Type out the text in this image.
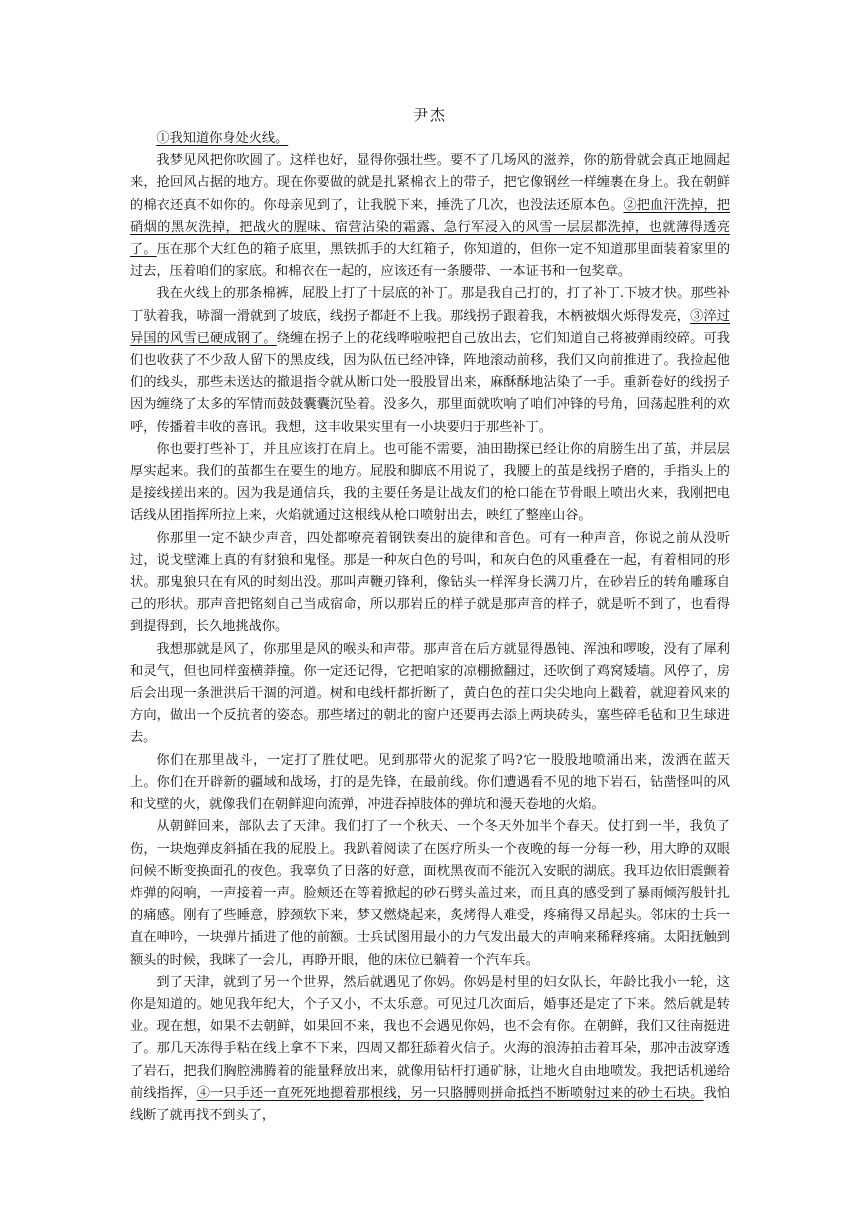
尹杰

①我知道你身处火线。

我梦见风把你吹圆了。这样也好，显得你强壮些。要不了几场风的滋养，你的筋骨就会真正地圆起来，抢回风占据的地方。现在你要做的就是扎紧棉衣上的带子，把它像钢丝一样缠裹在身上。我在朝鲜的棉衣还真不如你的。你母亲见到了，让我脱下来，捶洗了几次，也没法还原本色。②把血汗洗掉，把硝烟的黑灰洗掉，把战火的腥味、宿营沾染的霜露、急行军浸入的风雪一层层都洗掉，也就薄得透亮了。压在那个大红色的箱子底里，黑铁抓手的大红箱子，你知道的，但你一定不知道那里面装着家里的过去，压着咱们的家底。和棉衣在一起的，应该还有一条腰带、一本证书和一包奖章。

我在火线上的那条棉裤，屁股上打了十层底的补丁。那是我自己打的，打了补丁.下坡才快。那些补丁驮着我，哧溜一滑就到了坡底，线拐子都赶不上我。那线拐子跟着我，木柄被烟火烁得发亮，③淬过异国的风雪已硬成钢了。绕缠在拐子上的花线哗啦啦把自己放出去，它们知道自己将被弹雨绞碎。可我们也收获了不少敌人留下的黑皮线，因为队伍已经冲锋，阵地滚动前移，我们又向前推进了。我捡起他们的线头，那些未送达的撤退指令就从断口处一股股冒出来，麻酥酥地沾染了一手。重新卷好的线拐子因为缠绕了太多的军情而鼓鼓囊囊沉坠着。没多久，那里面就吹响了咱们冲锋的号角，回荡起胜利的欢呼，传播着丰收的喜讯。我想，这丰收果实里有一小块要归于那些补丁。

你也要打些补丁，并且应该打在肩上。也可能不需要，油田勘探已经让你的肩膀生出了茧，并层层厚实起来。我们的茧都生在要生的地方。屁股和脚底不用说了，我腰上的茧是线拐子磨的，手指头上的是接线搓出来的。因为我是通信兵，我的主要任务是让战友们的枪口能在节骨眼上喷出火来，我刚把电话线从团指挥所拉上来，火焰就通过这根线从枪口喷射出去，映红了整座山谷。

你那里一定不缺少声音，四处都嘹亮着钢铁奏出的旋律和音色。可有一种声音，你说之前从没听过，说戈壁滩上真的有豺狼和鬼怪。那是一种灰白色的号叫，和灰白色的风重叠在一起，有着相同的形状。那鬼狼只在有风的时刻出没。那叫声鞭刃锋利，像钻头一样浑身长满刀片，在砂岩丘的转角雕琢自己的形状。那声音把铭刻自己当成宿命，所以那岩丘的样子就是那声音的样子，就是听不到了，也看得到提得到，长久地挑战你。

我想那就是风了，你那里是风的喉头和声带。那声音在后方就显得愚钝、浑浊和啰唆，没有了犀利和灵气，但也同样蛮横莽撞。你一定还记得，它把咱家的凉棚掀翻过，还吹倒了鸡窝矮墙。风停了，房后会出现一条泄洪后干涸的河道。树和电线杆都折断了，黄白色的茬口尖尖地向上戳着，就迎着风来的方向，做出一个反抗者的姿态。那些堵过的朝北的窗户还要再去添上两块砖头，塞些碎毛毡和卫生球进去。

你们在那里战斗，一定打了胜仗吧。见到那带火的泥浆了吗?它一股股地喷涌出来，泼洒在蓝天上。你们在开辟新的疆域和战场，打的是先锋，在最前线。你们遭遇看不见的地下岩石，钻凿怪叫的风和戈壁的火，就像我们在朝鲜迎向流弹，冲进吞掉肢体的弹坑和漫天卷地的火焰。

从朝鲜回来，部队去了天津。我们打了一个秋天、一个冬天外加半个春天。仗打到一半，我负了伤，一块炮弹皮斜插在我的屁股上。我趴着阅读了在医疗所头一个夜晚的每一分每一秒，用大睁的双眼问候不断变换面孔的夜色。我辜负了日落的好意，面枕黑夜而不能沉入安眠的湖底。我耳边依旧震颤着炸弹的闷响，一声接着一声。脸颊还在等着掀起的砂石劈头盖过来，而且真的感受到了暴雨倾泻般针扎的痛感。刚有了些睡意，脖颈软下来，梦又燃烧起来，炙烤得人难受，疼痛得又昂起头。邻床的士兵一直在呻吟，一块弹片插进了他的前额。士兵试图用最小的力气发出最大的声响来稀释疼痛。太阳抚触到额头的时候，我眯了一会儿，再睁开眼，他的床位已躺着一个汽车兵。

到了天津，就到了另一个世界，然后就遇见了你妈。你妈是村里的妇女队长，年龄比我小一轮，这你是知道的。她见我年纪大，个子又小，不太乐意。可见过几次面后，婚事还是定了下来。然后就是转业。现在想，如果不去朝鲜，如果回不来，我也不会遇见你妈，也不会有你。在朝鲜，我们又往南挺进了。那几天冻得手粘在线上拿不下来，四周又都狂舔着火信子。火海的浪涛拍击着耳朵，那冲击波穿透了岩石，把我们胸腔沸腾着的能量释放出来，就像用钻杆打通矿脉，让地火自由地喷发。我把话机递给前线指挥，④一只手还一直死死地摁着那根线，另一只胳膊则拼命抵挡不断喷射过来的砂土石块。我怕线断了就再找不到头了，
